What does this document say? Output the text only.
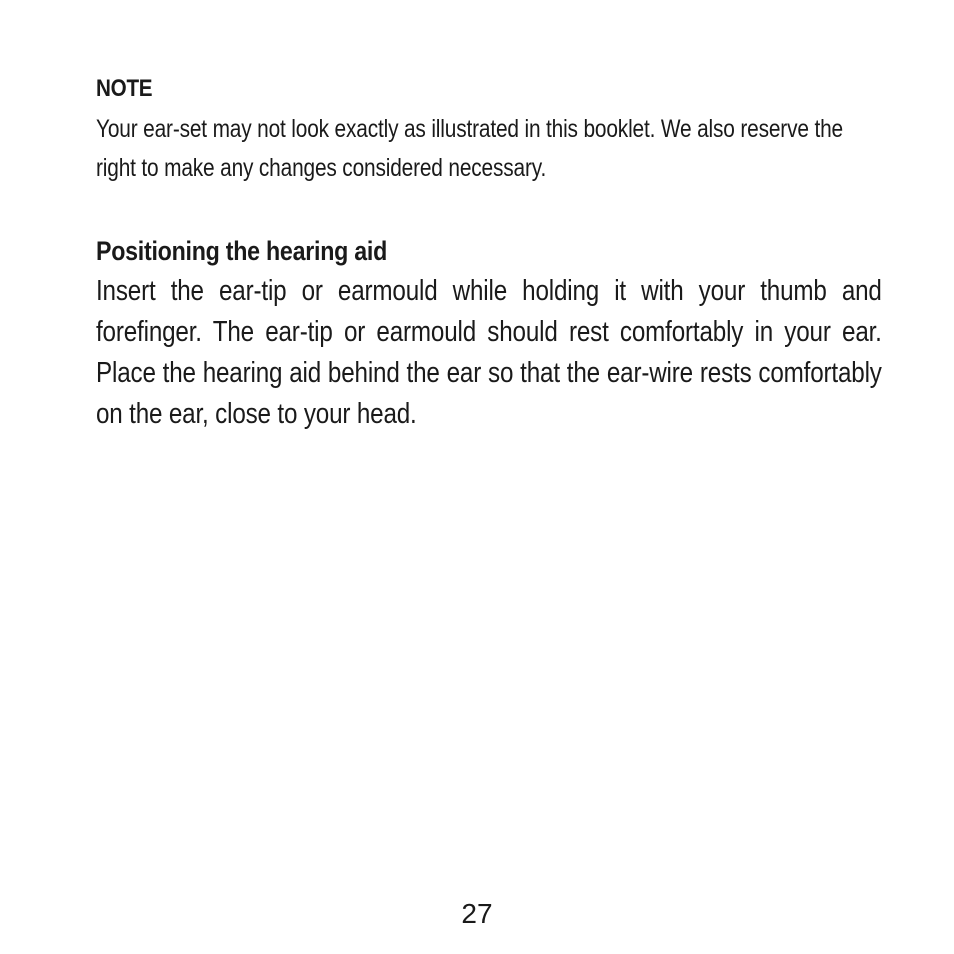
NOTE

Your ear-set may not look exactly as illustrated in this booklet. We also reserve the right to make any changes considered necessary.

Positioning the hearing aid

Insert the ear-tip or earmould while holding it with your thumb and forefinger. The ear-tip or earmould should rest comfortably in your ear. Place the hearing aid behind the ear so that the ear-wire rests comfortably on the ear, close to your head.

27
